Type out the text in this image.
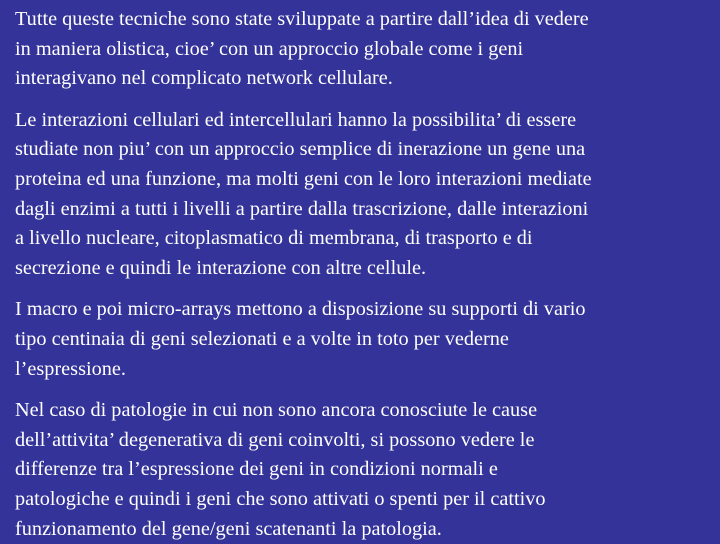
Tutte queste tecniche sono state sviluppate a partire dall’idea di vedere
in maniera olistica, cioe’ con un approccio globale come i geni
interagivano nel complicato network cellulare.

Le interazioni cellulari ed intercellulari hanno la possibilita’ di essere
studiate non piu’ con un approccio semplice di inerazione un gene una
proteina ed una funzione, ma molti geni con le loro interazioni mediate
dagli enzimi a tutti i livelli a partire dalla trascrizione, dalle interazioni
a livello nucleare, citoplasmatico di membrana, di trasporto e di
secrezione e quindi le interazione con altre cellule.

I macro e poi micro-arrays mettono a disposizione su supporti di vario
tipo centinaia di geni selezionati e a volte in toto per vederne
l’espressione.

Nel caso di patologie in cui non sono ancora conosciute le cause
dell’attivita’ degenerativa di geni coinvolti, si possono vedere le
differenze tra l’espressione dei geni in condizioni normali e
patologiche e quindi i geni che sono attivati o spenti per il cattivo
funzionamento del gene/geni scatenanti la patologia.
